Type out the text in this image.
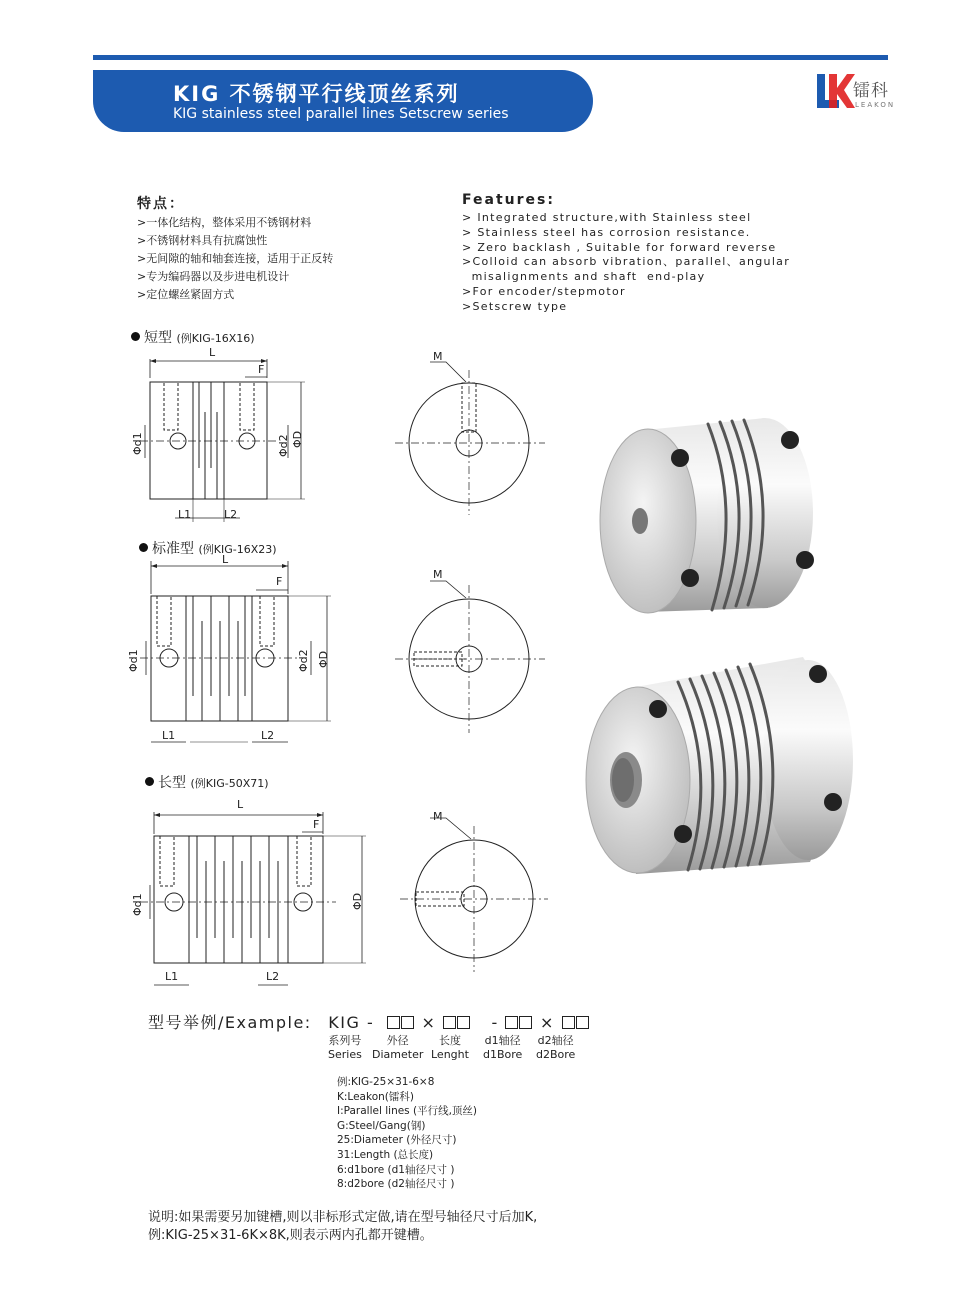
KIG 不锈钢平行线顶丝系列
KIG stainless steel parallel lines Setscrew series
镭科
LEAKON
特点：
>一体化结构，整体采用不锈钢材料
>不锈钢材料具有抗腐蚀性
>无间隙的轴和轴套连接，适用于正反转
>专为编码器以及步进电机设计
>定位螺丝紧固方式
Features:
> Integrated structure,with Stainless steel
> Stainless steel has corrosion resistance.
> Zero backlash , Suitable for forward reverse
>Colloid can absorb vibration、parallel、angular
misalignments and shaft  end-play
>For encoder/stepmotor
>Setscrew type
短型 (例KIG-16X16)
标准型 (例KIG-16X23)
长型 (例KIG-50X71)
L
F
L1	L2
Φd1	Φd2 ΦD
M
L
F
L1	L2
Φd1	Φd2 ΦD
M
L
F
L1	L2
Φd1	ΦD
M
型号举例/Example: KIG -	×	-	×
系列号
Series
外径
Diameter
长度
Lenght
d1轴径
d1Bore
d2轴径
d2Bore
例:KIG-25×31-6×8
K:Leakon(镭科)
I:Parallel lines (平行线,顶丝)
G:Steel/Gang(钢)
25:Diameter (外径尺寸)
31:Length (总长度)
6:d1bore (d1轴径尺寸 )
8:d2bore (d2轴径尺寸 )
说明:如果需要另加键槽,则以非标形式定做,请在型号轴径尺寸后加K,
例:KIG-25×31-6K×8K,则表示两内孔都开键槽。
